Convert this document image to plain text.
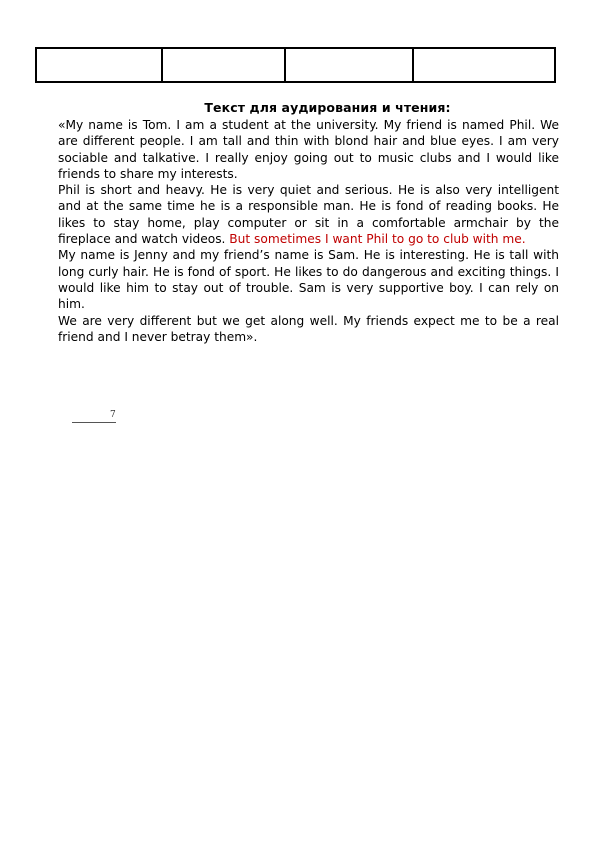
Текст для аудирования и чтения:

«My name is Tom. I am a student at the university. My friend is named Phil. We are different people. I am tall and thin with blond hair and blue eyes. I am very sociable and talkative. I really enjoy going out to music clubs and I would like friends to share my interests.

Phil is short and heavy. He is very quiet and serious. He is also very intelligent and at the same time he is a responsible man. He is fond of reading books. He likes to stay home, play computer or sit in a comfortable armchair by the fireplace and watch videos. But sometimes I want Phil to go to club with me.

My name is Jenny and my friend’s name is Sam. He is interesting. He is tall with long curly hair. He is fond of sport. He likes to do dangerous and exciting things. I would like him to stay out of trouble. Sam is very supportive boy. I can rely on him.

We are very different but we get along well. My friends expect me to be a real friend and I never betray them».

7
